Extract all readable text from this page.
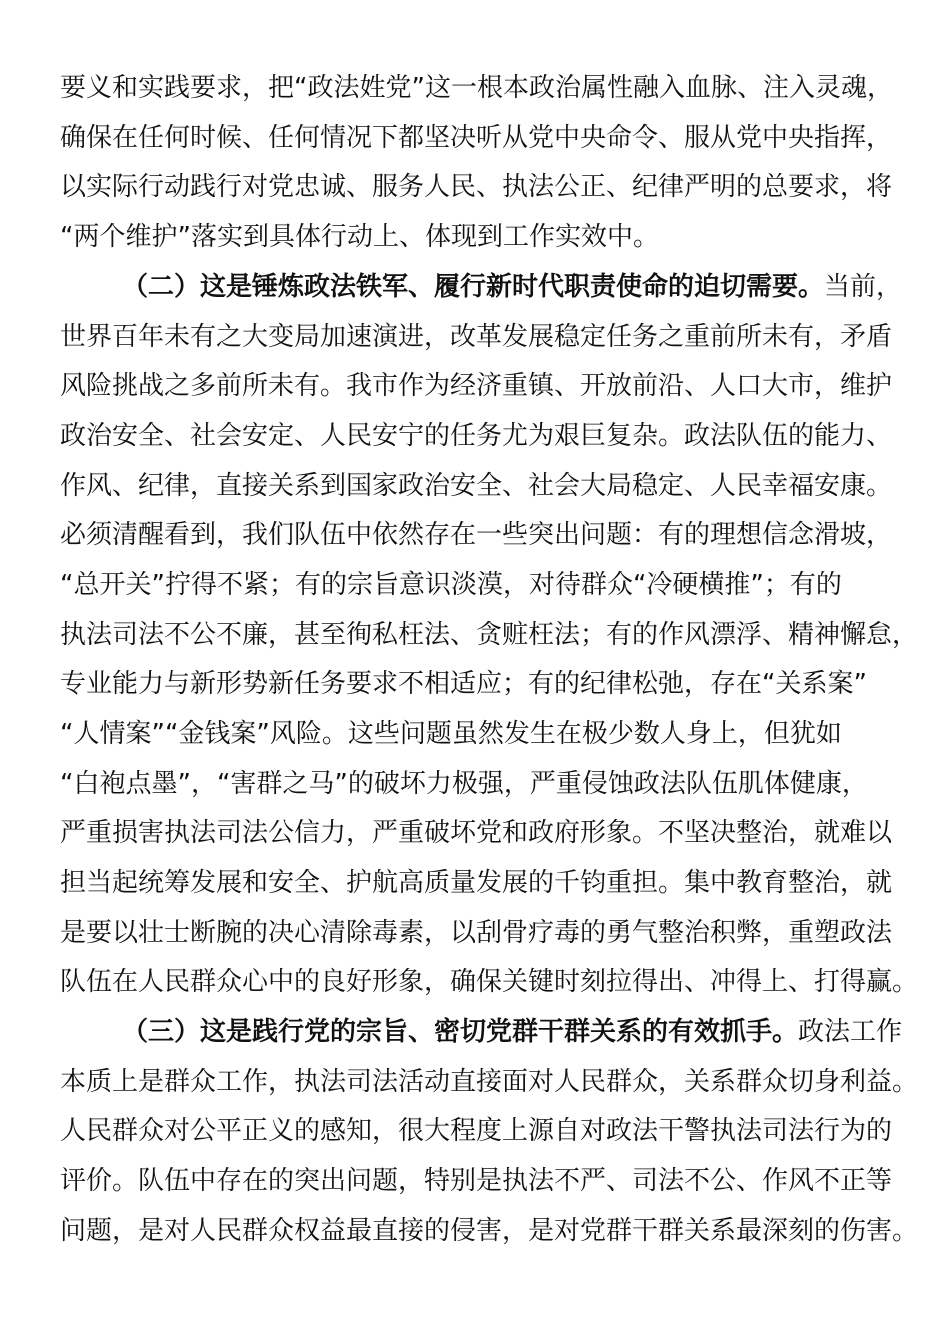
要义和实践要求，把“政法姓党”这一根本政治属性融入血脉、注入灵魂，
确保在任何时候、任何情况下都坚决听从党中央命令、服从党中央指挥，
以实际行动践行对党忠诚、服务人民、执法公正、纪律严明的总要求，将
“两个维护”落实到具体行动上、体现到工作实效中。
（二）这是锤炼政法铁军、履行新时代职责使命的迫切需要。当前，
世界百年未有之大变局加速演进，改革发展稳定任务之重前所未有，矛盾
风险挑战之多前所未有。我市作为经济重镇、开放前沿、人口大市，维护
政治安全、社会安定、人民安宁的任务尤为艰巨复杂。政法队伍的能力、
作风、纪律，直接关系到国家政治安全、社会大局稳定、人民幸福安康。
必须清醒看到，我们队伍中依然存在一些突出问题：有的理想信念滑坡，
“总开关”拧得不紧；有的宗旨意识淡漠，对待群众“冷硬横推”；有的
执法司法不公不廉，甚至徇私枉法、贪赃枉法；有的作风漂浮、精神懈怠，
专业能力与新形势新任务要求不相适应；有的纪律松弛，存在“关系案”
“人情案”“金钱案”风险。这些问题虽然发生在极少数人身上，但犹如
“白袍点墨”，“害群之马”的破坏力极强，严重侵蚀政法队伍肌体健康，
严重损害执法司法公信力，严重破坏党和政府形象。不坚决整治，就难以
担当起统筹发展和安全、护航高质量发展的千钧重担。集中教育整治，就
是要以壮士断腕的决心清除毒素，以刮骨疗毒的勇气整治积弊，重塑政法
队伍在人民群众心中的良好形象，确保关键时刻拉得出、冲得上、打得赢。
（三）这是践行党的宗旨、密切党群干群关系的有效抓手。政法工作
本质上是群众工作，执法司法活动直接面对人民群众，关系群众切身利益。
人民群众对公平正义的感知，很大程度上源自对政法干警执法司法行为的
评价。队伍中存在的突出问题，特别是执法不严、司法不公、作风不正等
问题，是对人民群众权益最直接的侵害，是对党群干群关系最深刻的伤害。
